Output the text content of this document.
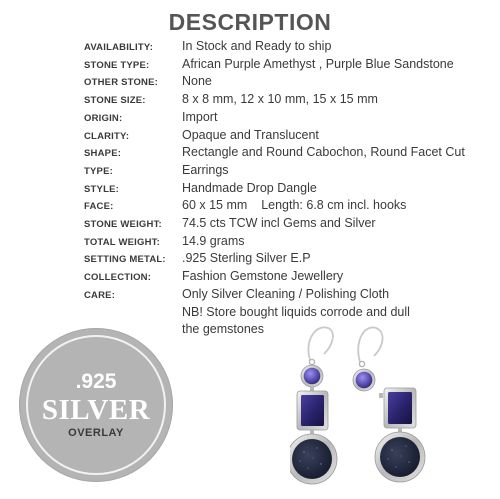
DESCRIPTION
AVAILABILITY: In Stock and Ready to ship
STONE TYPE:	African Purple Amethyst , Purple Blue Sandstone
OTHER STONE: None
STONE SIZE:	8 x 8 mm, 12 x 10 mm, 15 x 15 mm
ORIGIN:	Import
CLARITY:	Opaque and Translucent
SHAPE:	Rectangle and Round Cabochon, Round Facet Cut
TYPE:	Earrings
STYLE:	Handmade Drop Dangle
FACE:	60 x 15 mm    Length: 6.8 cm incl. hooks
STONE WEIGHT: 74.5 cts TCW incl Gems and Silver
TOTAL WEIGHT: 14.9 grams
SETTING METAL: .925 Sterling Silver E.P
COLLECTION: Fashion Gemstone Jewellery
CARE:	Only Silver Cleaning / Polishing Cloth
NB! Store bought liquids corrode and dull
the gemstones
.925
SILVER
OVERLAY
